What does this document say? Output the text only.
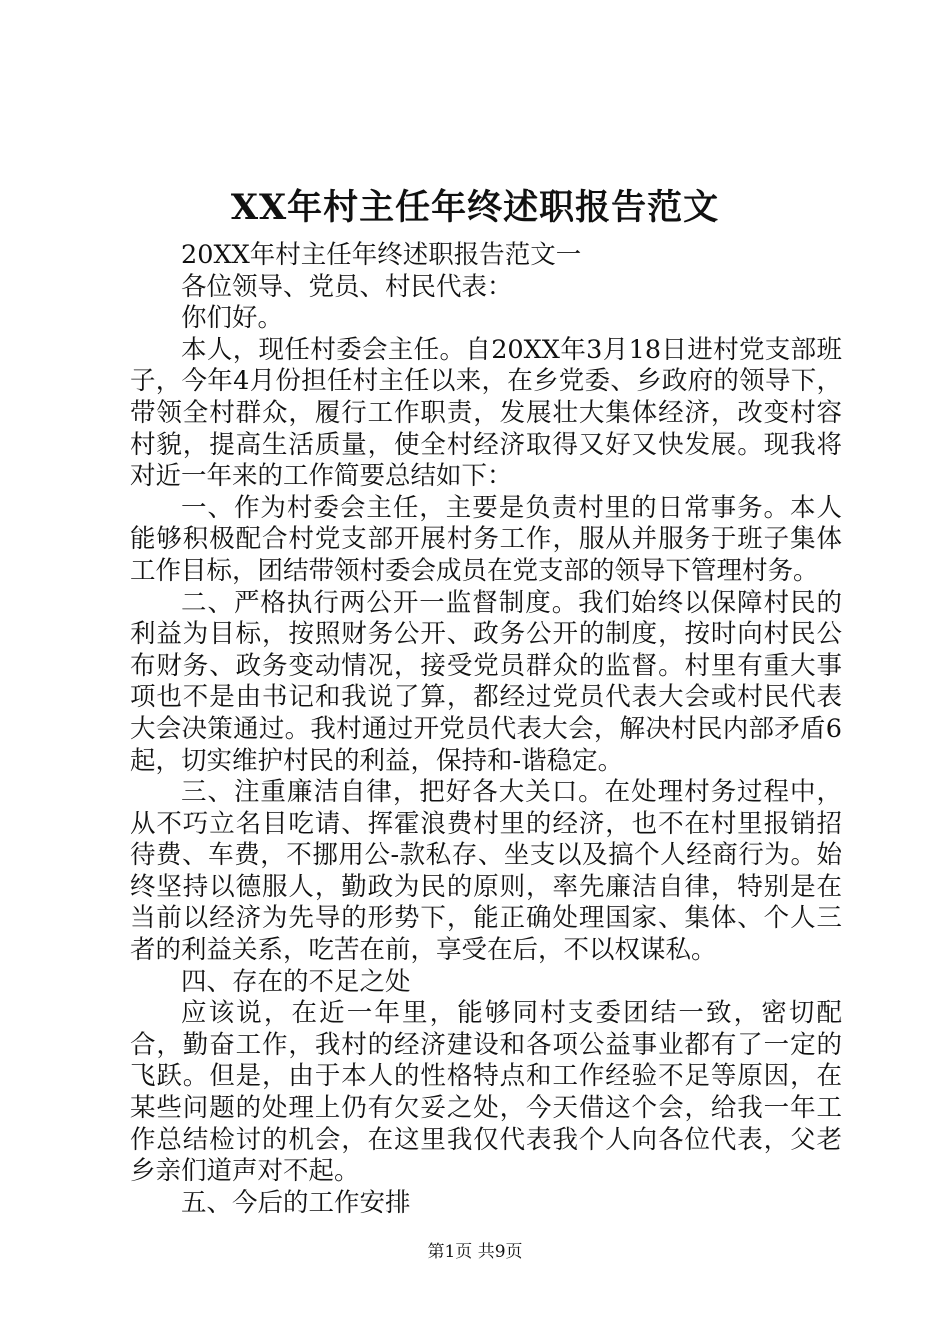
XX年村主任年终述职报告范文

20XX年村主任年终述职报告范文一

各位领导、党员、村民代表：

你们好。

本人，现任村委会主任。自20XX年3月18日进村党支部班子，今年4月份担任村主任以来，在乡党委、乡政府的领导下，带领全村群众，履行工作职责，发展壮大集体经济，改变村容村貌，提高生活质量，使全村经济取得又好又快发展。现我将对近一年来的工作简要总结如下：

一、作为村委会主任，主要是负责村里的日常事务。本人能够积极配合村党支部开展村务工作，服从并服务于班子集体工作目标，团结带领村委会成员在党支部的领导下管理村务。

二、严格执行两公开一监督制度。我们始终以保障村民的利益为目标，按照财务公开、政务公开的制度，按时向村民公布财务、政务变动情况，接受党员群众的监督。村里有重大事项也不是由书记和我说了算，都经过党员代表大会或村民代表大会决策通过。我村通过开党员代表大会，解决村民内部矛盾6起，切实维护村民的利益，保持和-谐稳定。

三、注重廉洁自律，把好各大关口。在处理村务过程中，从不巧立名目吃请、挥霍浪费村里的经济，也不在村里报销招待费、车费，不挪用公-款私存、坐支以及搞个人经商行为。始终坚持以德服人，勤政为民的原则，率先廉洁自律，特别是在当前以经济为先导的形势下，能正确处理国家、集体、个人三者的利益关系，吃苦在前，享受在后，不以权谋私。

四、存在的不足之处

应该说，在近一年里，能够同村支委团结一致，密切配合，勤奋工作，我村的经济建设和各项公益事业都有了一定的飞跃。但是，由于本人的性格特点和工作经验不足等原因，在某些问题的处理上仍有欠妥之处，今天借这个会，给我一年工作总结检讨的机会，在这里我仅代表我个人向各位代表，父老乡亲们道声对不起。

五、今后的工作安排

第1页 共9页
